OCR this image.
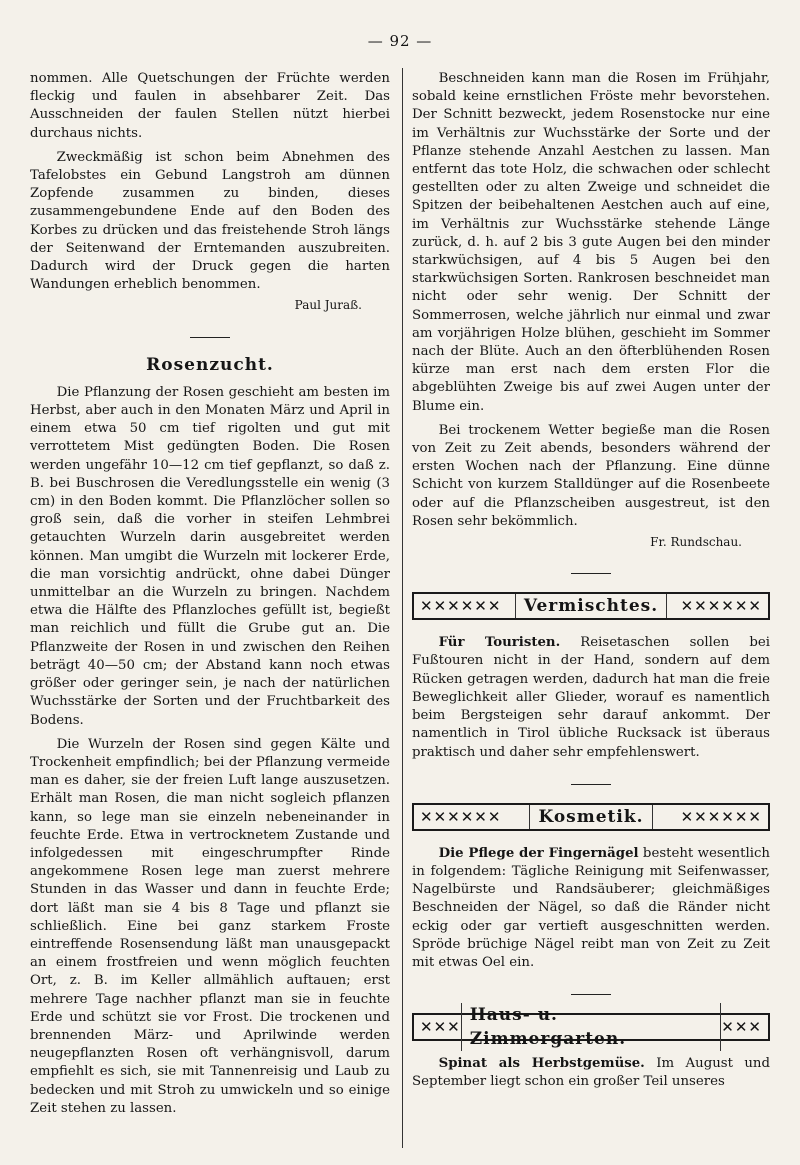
— 92 —

nommen. Alle Quetschungen der Früchte werden fleckig und faulen in absehbarer Zeit. Das Ausschneiden der faulen Stellen nützt hierbei durchaus nichts.

Zweckmäßig ist schon beim Abnehmen des Tafelobstes ein Gebund Langstroh am dünnen Zopfende zusammen zu binden, dieses zusammengebundene Ende auf den Boden des Korbes zu drücken und das freistehende Stroh längs der Seitenwand der Erntemanden auszubreiten. Dadurch wird der Druck gegen die harten Wandungen erheblich benommen.

Paul Juraß.

Rosenzucht.

Die Pflanzung der Rosen geschieht am besten im Herbst, aber auch in den Monaten März und April in einem etwa 50 cm tief rigolten und gut mit verrottetem Mist gedüngten Boden. Die Rosen werden ungefähr 10—12 cm tief gepflanzt, so daß z. B. bei Buschrosen die Veredlungsstelle ein wenig (3 cm) in den Boden kommt. Die Pflanzlöcher sollen so groß sein, daß die vorher in steifen Lehmbrei getauchten Wurzeln darin ausgebreitet werden können. Man umgibt die Wurzeln mit lockerer Erde, die man vorsichtig andrückt, ohne dabei Dünger unmittelbar an die Wurzeln zu bringen. Nachdem etwa die Hälfte des Pflanzloches gefüllt ist, begießt man reichlich und füllt die Grube gut an. Die Pflanzweite der Rosen in und zwischen den Reihen beträgt 40—50 cm; der Abstand kann noch etwas größer oder geringer sein, je nach der natürlichen Wuchsstärke der Sorten und der Fruchtbarkeit des Bodens.

Die Wurzeln der Rosen sind gegen Kälte und Trockenheit empfindlich; bei der Pflanzung vermeide man es daher, sie der freien Luft lange auszusetzen. Erhält man Rosen, die man nicht sogleich pflanzen kann, so lege man sie einzeln nebeneinander in feuchte Erde. Etwa in vertrocknetem Zustande und infolgedessen mit eingeschrumpfter Rinde angekommene Rosen lege man zuerst mehrere Stunden in das Wasser und dann in feuchte Erde; dort läßt man sie 4 bis 8 Tage und pflanzt sie schließlich. Eine bei ganz starkem Froste eintreffende Rosensendung läßt man unausgepackt an einem frostfreien und wenn möglich feuchten Ort, z. B. im Keller allmählich auftauen; erst mehrere Tage nachher pflanzt man sie in feuchte Erde und schützt sie vor Frost. Die trockenen und brennenden März- und Aprilwinde werden neugepflanzten Rosen oft verhängnisvoll, darum empfiehlt es sich, sie mit Tannenreisig und Laub zu bedecken und mit Stroh zu umwickeln und so einige Zeit stehen zu lassen.

Beschneiden kann man die Rosen im Frühjahr, sobald keine ernstlichen Fröste mehr bevorstehen. Der Schnitt bezweckt, jedem Rosenstocke nur eine im Verhältnis zur Wuchsstärke der Sorte und der Pflanze stehende Anzahl Aestchen zu lassen. Man entfernt das tote Holz, die schwachen oder schlecht gestellten oder zu alten Zweige und schneidet die Spitzen der beibehaltenen Aestchen auch auf eine, im Verhältnis zur Wuchsstärke stehende Länge zurück, d. h. auf 2 bis 3 gute Augen bei den minder starkwüchsigen, auf 4 bis 5 Augen bei den starkwüchsigen Sorten. Rankrosen beschneidet man nicht oder sehr wenig. Der Schnitt der Sommerrosen, welche jährlich nur einmal und zwar am vorjährigen Holze blühen, geschieht im Sommer nach der Blüte. Auch an den öfterblühenden Rosen kürze man erst nach dem ersten Flor die abgeblühten Zweige bis auf zwei Augen unter der Blume ein.

Bei trockenem Wetter begieße man die Rosen von Zeit zu Zeit abends, besonders während der ersten Wochen nach der Pflanzung. Eine dünne Schicht von kurzem Stalldünger auf die Rosenbeete oder auf die Pflanzscheiben ausgestreut, ist den Rosen sehr bekömmlich.

Fr. Rundschau.

✕✕✕✕✕✕	Vermischtes.	✕✕✕✕✕✕

Für Touristen. Reisetaschen sollen bei Fußtouren nicht in der Hand, sondern auf dem Rücken getragen werden, dadurch hat man die freie Beweglichkeit aller Glieder, worauf es namentlich beim Bergsteigen sehr darauf ankommt. Der namentlich in Tirol übliche Rucksack ist überaus praktisch und daher sehr empfehlenswert.

✕✕✕✕✕✕	Kosmetik.	✕✕✕✕✕✕

Die Pflege der Fingernägel besteht wesentlich in folgendem: Tägliche Reinigung mit Seifenwasser, Nagelbürste und Randsäuberer; gleichmäßiges Beschneiden der Nägel, so daß die Ränder nicht eckig oder gar vertieft ausgeschnitten werden. Spröde brüchige Nägel reibt man von Zeit zu Zeit mit etwas Oel ein.

✕✕✕
Haus- u. Zimmergarten.
✕✕✕

Spinat als Herbstgemüse. Im August und September liegt schon ein großer Teil unseres
